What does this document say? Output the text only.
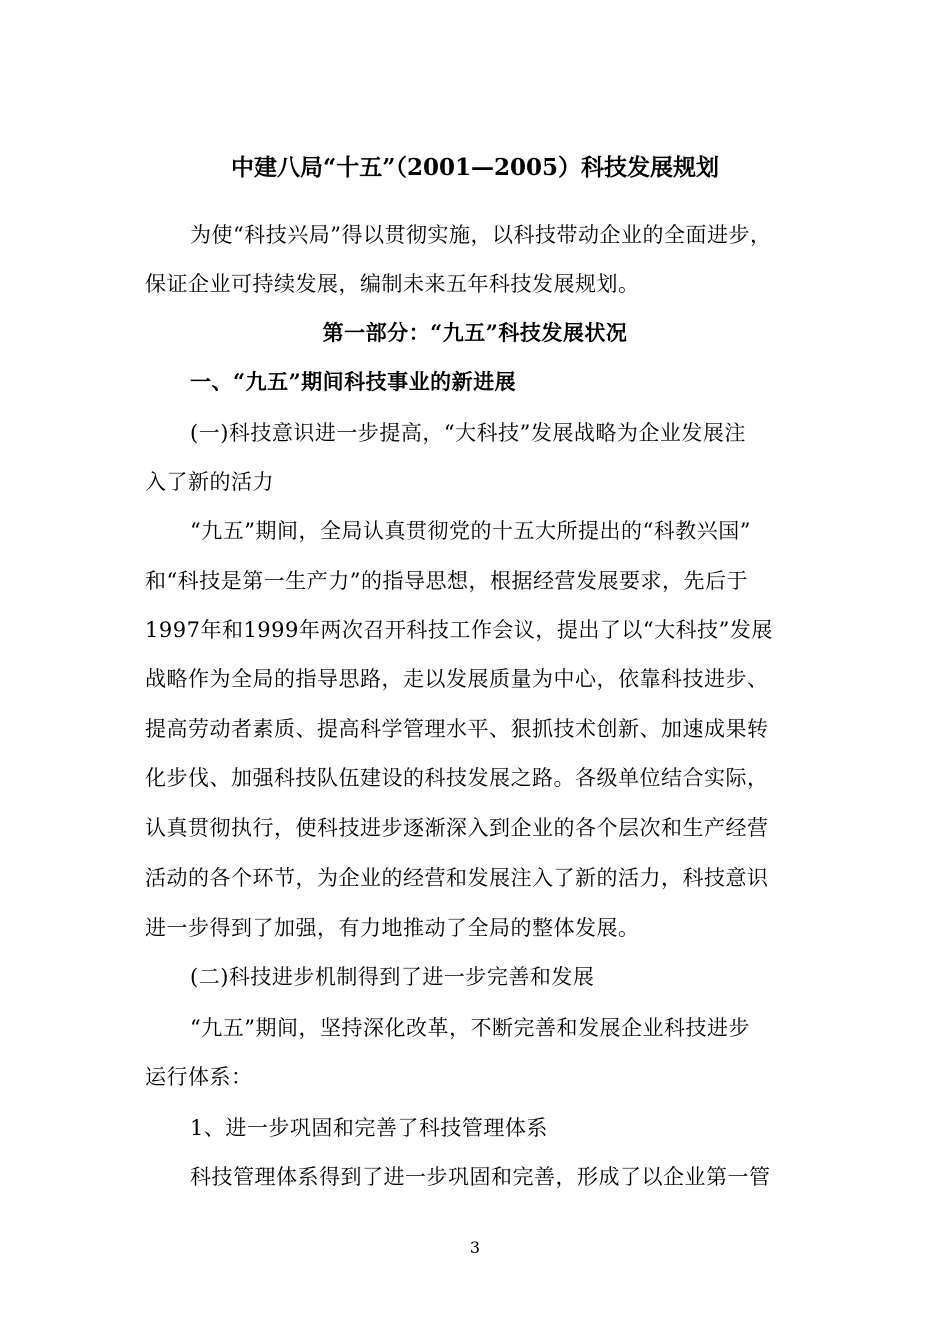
中建八局“十五”（2001—2005）科技发展规划
为使“科技兴局”得以贯彻实施，以科技带动企业的全面进步，
保证企业可持续发展，编制未来五年科技发展规划。
第一部分：“九五”科技发展状况
一、“九五”期间科技事业的新进展
(一)科技意识进一步提高，“大科技”发展战略为企业发展注
入了新的活力
“九五”期间，全局认真贯彻党的十五大所提出的“科教兴国”
和“科技是第一生产力”的指导思想，根据经营发展要求，先后于
1997年和1999年两次召开科技工作会议，提出了以“大科技”发展
战略作为全局的指导思路，走以发展质量为中心，依靠科技进步、
提高劳动者素质、提高科学管理水平、狠抓技术创新、加速成果转
化步伐、加强科技队伍建设的科技发展之路。各级单位结合实际，
认真贯彻执行，使科技进步逐渐深入到企业的各个层次和生产经营
活动的各个环节，为企业的经营和发展注入了新的活力，科技意识
进一步得到了加强，有力地推动了全局的整体发展。
(二)科技进步机制得到了进一步完善和发展
“九五”期间，坚持深化改革，不断完善和发展企业科技进步
运行体系：
1、进一步巩固和完善了科技管理体系
科技管理体系得到了进一步巩固和完善，形成了以企业第一管
3
